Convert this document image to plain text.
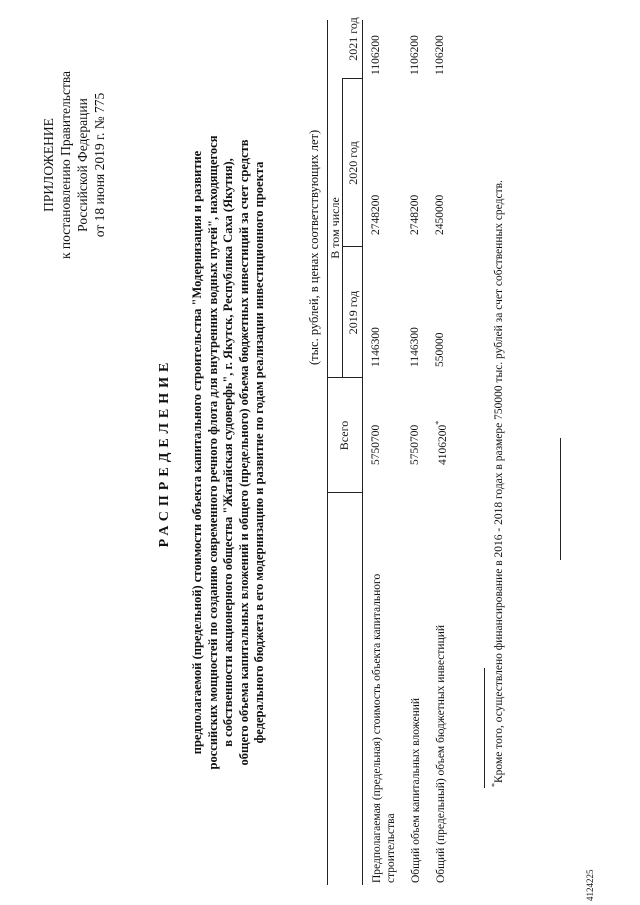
ПРИЛОЖЕНИЕ к постановлению Правительства Российской Федерации от 18 июня 2019 г. № 775
РАСПРЕДЕЛЕНИЕ предполагаемой (предельной) стоимости объекта капитального строительства "Модернизация и развитие российских мощностей по созданию современного речного флота для внутренних водных путей", находящегося в собственности акционерного общества "Жатайская судоверфь", г. Якутск, Республика Саха (Якутия), общего объема капитальных вложений и общего (предельного) объема бюджетных инвестиций за счет средств федерального бюджета в его модернизацию и развитие по годам реализации инвестиционного проекта	(тыс. рублей, в ценах соответствующих лет)
Всего
В том числе
2019 год
2020 год
2021 год
Предполагаемая (предельная) стоимость объекта капитального строительства
5750700
1146300
2748200
1106200
Общий объем капитальных вложений
5750700
1146300
2748200
1106200
Общий (предельный) объем бюджетных инвестиций
4106200*
550000
2450000
1106200
*Кроме того, осуществлено финансирование в 2016 - 2018 годах в размере 750000 тыс. рублей за счет собственных средств.
4124225
